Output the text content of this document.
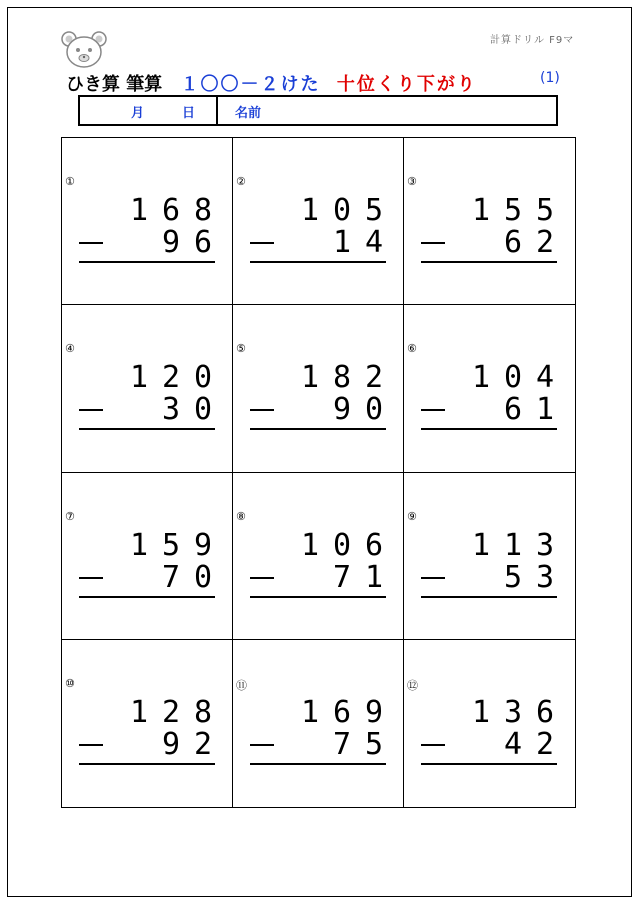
計算ドリル F9マ
ひき算 筆算 １〇〇－２けた 十位くり下がり	(1)
月	日	名前
①
1 6 8
9 6
②
1 0 5
1 4
③
1 5 5
6 2
④
1 2 0
3 0
⑤
1 8 2
9 0
⑥
1 0 4
6 1
⑦
1 5 9
7 0
⑧
1 0 6
7 1
⑨
1 1 3
5 3
⑩
1 2 8
9 2
⑪
1 6 9
7 5
⑫
1 3 6
4 2
